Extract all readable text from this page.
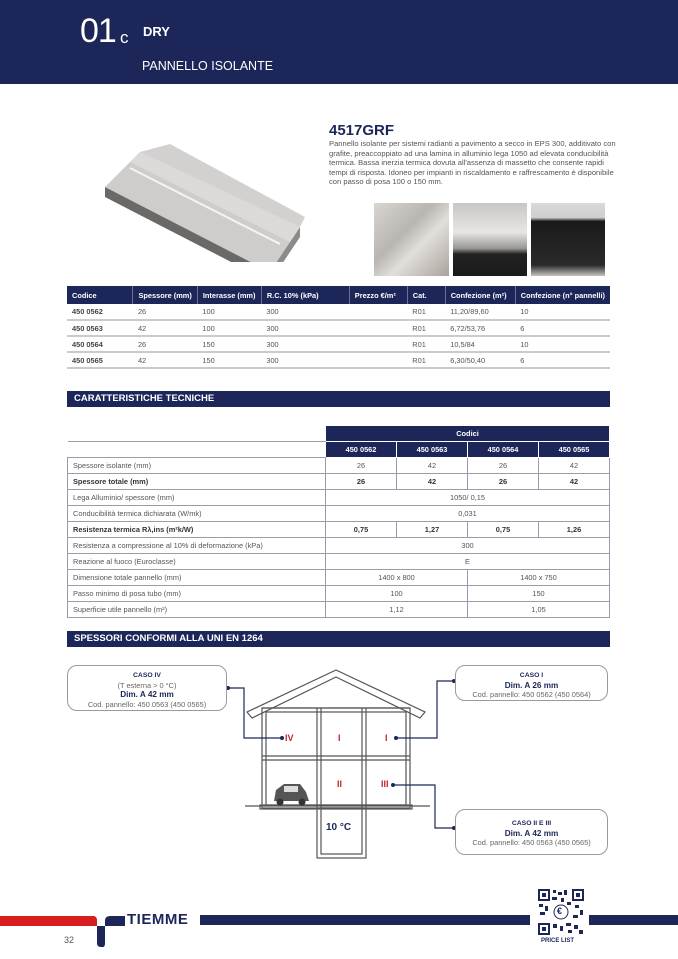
01 c DRY
PANNELLO ISOLANTE
4517GRF
Pannello isolante per sistemi radianti a pavimento a secco in EPS 300, additivato con grafite, preaccoppiato ad una lamina in alluminio lega 1050 ad elevata conducibilità termica. Bassa inerzia termica dovuta all'assenza di massetto che consente rapidi tempi di risposta. Idoneo per impianti in riscaldamento e raffrescamento è disponibile con passo di posa 100 o 150 mm.
Codice	Spessore (mm)	Interasse (mm)	R.C. 10% (kPa)	Prezzo €/m²	Cat.	Confezione (m²)	Confezione (n° pannelli)
450 0562	26	100	300		R01	11,20/89,60	10
450 0563	42	100	300		R01	6,72/53,76	6
450 0564	26	150	300		R01	10,5/84	10
450 0565	42	150	300		R01	6,30/50,40	6
CARATTERISTICHE TECNICHE
	Codici			
	450 0562	450 0563	450 0564	450 0565
Spessore isolante (mm)	26	42	26	42
Spessore totale (mm)	26	42	26	42
Lega Alluminio/ spessore (mm)	1050/ 0,15			
Conducibilità termica dichiarata (W/mk)	0,031			
Resistenza termica Rλ,ins (m²k/W)	0,75	1,27	0,75	1,26
Resistenza a compressione al 10% di deformazione (kPa)	300			
Reazione al fuoco (Euroclasse)	E			
Dimensione totale pannello (mm)	1400 x 800		1400 x 750	
Passo minimo di posa tubo (mm)	100		150	
Superficie utile pannello (m²)	1,12		1,05	
SPESSORI CONFORMI ALLA UNI EN 1264
IV	I	I
II	III
10 °C
CASO IV
(T esterna > 0 °C)
Dim. A 42 mm
Cod. pannello: 450 0563 (450 0565)
CASO I
Dim. A 26 mm
Cod. pannello: 450 0562 (450 0564)
CASO II E III
Dim. A 42 mm
Cod. pannello: 450 0563 (450 0565)
TIEMME
32
€
PRICE LIST
